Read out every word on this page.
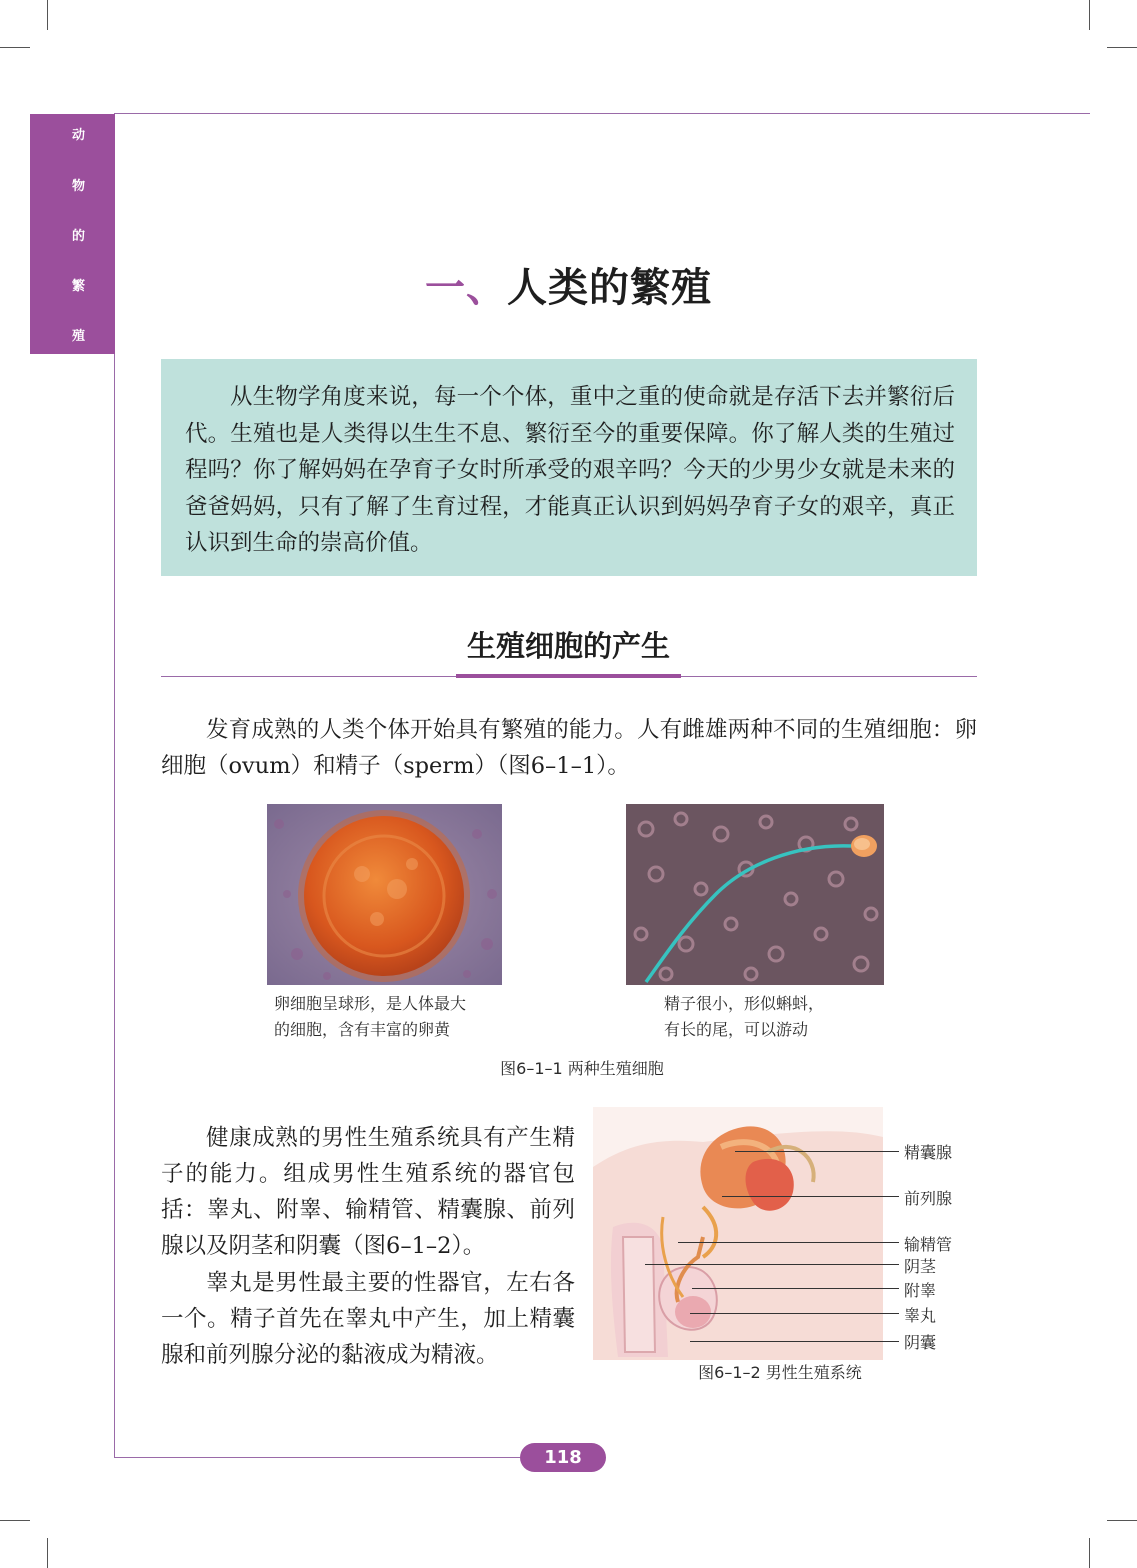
动
物
的
繁
殖
一、人类的繁殖
从生物学角度来说，每一个个体，重中之重的使命就是存活下去并繁衍后代。生殖也是人类得以生生不息、繁衍至今的重要保障。你了解人类的生殖过程吗？你了解妈妈在孕育子女时所承受的艰辛吗？今天的少男少女就是未来的爸爸妈妈，只有了解了生育过程，才能真正认识到妈妈孕育子女的艰辛，真正认识到生命的崇高价值。
生殖细胞的产生
发育成熟的人类个体开始具有繁殖的能力。人有雌雄两种不同的生殖细胞：卵细胞（ovum）和精子（sperm）（图6–1–1）。
卵细胞呈球形，是人体最大
的细胞，含有丰富的卵黄
精子很小，形似蝌蚪，
有长的尾，可以游动
图6–1–1 两种生殖细胞
健康成熟的男性生殖系统具有产生精子的能力。组成男性生殖系统的器官包括：睾丸、附睾、输精管、精囊腺、前列腺以及阴茎和阴囊（图6–1–2）。
睾丸是男性最主要的性器官，左右各一个。精子首先在睾丸中产生，加上精囊腺和前列腺分泌的黏液成为精液。
精囊腺
前列腺
输精管
阴茎
附睾
睾丸
阴囊
图6–1–2 男性生殖系统
118
